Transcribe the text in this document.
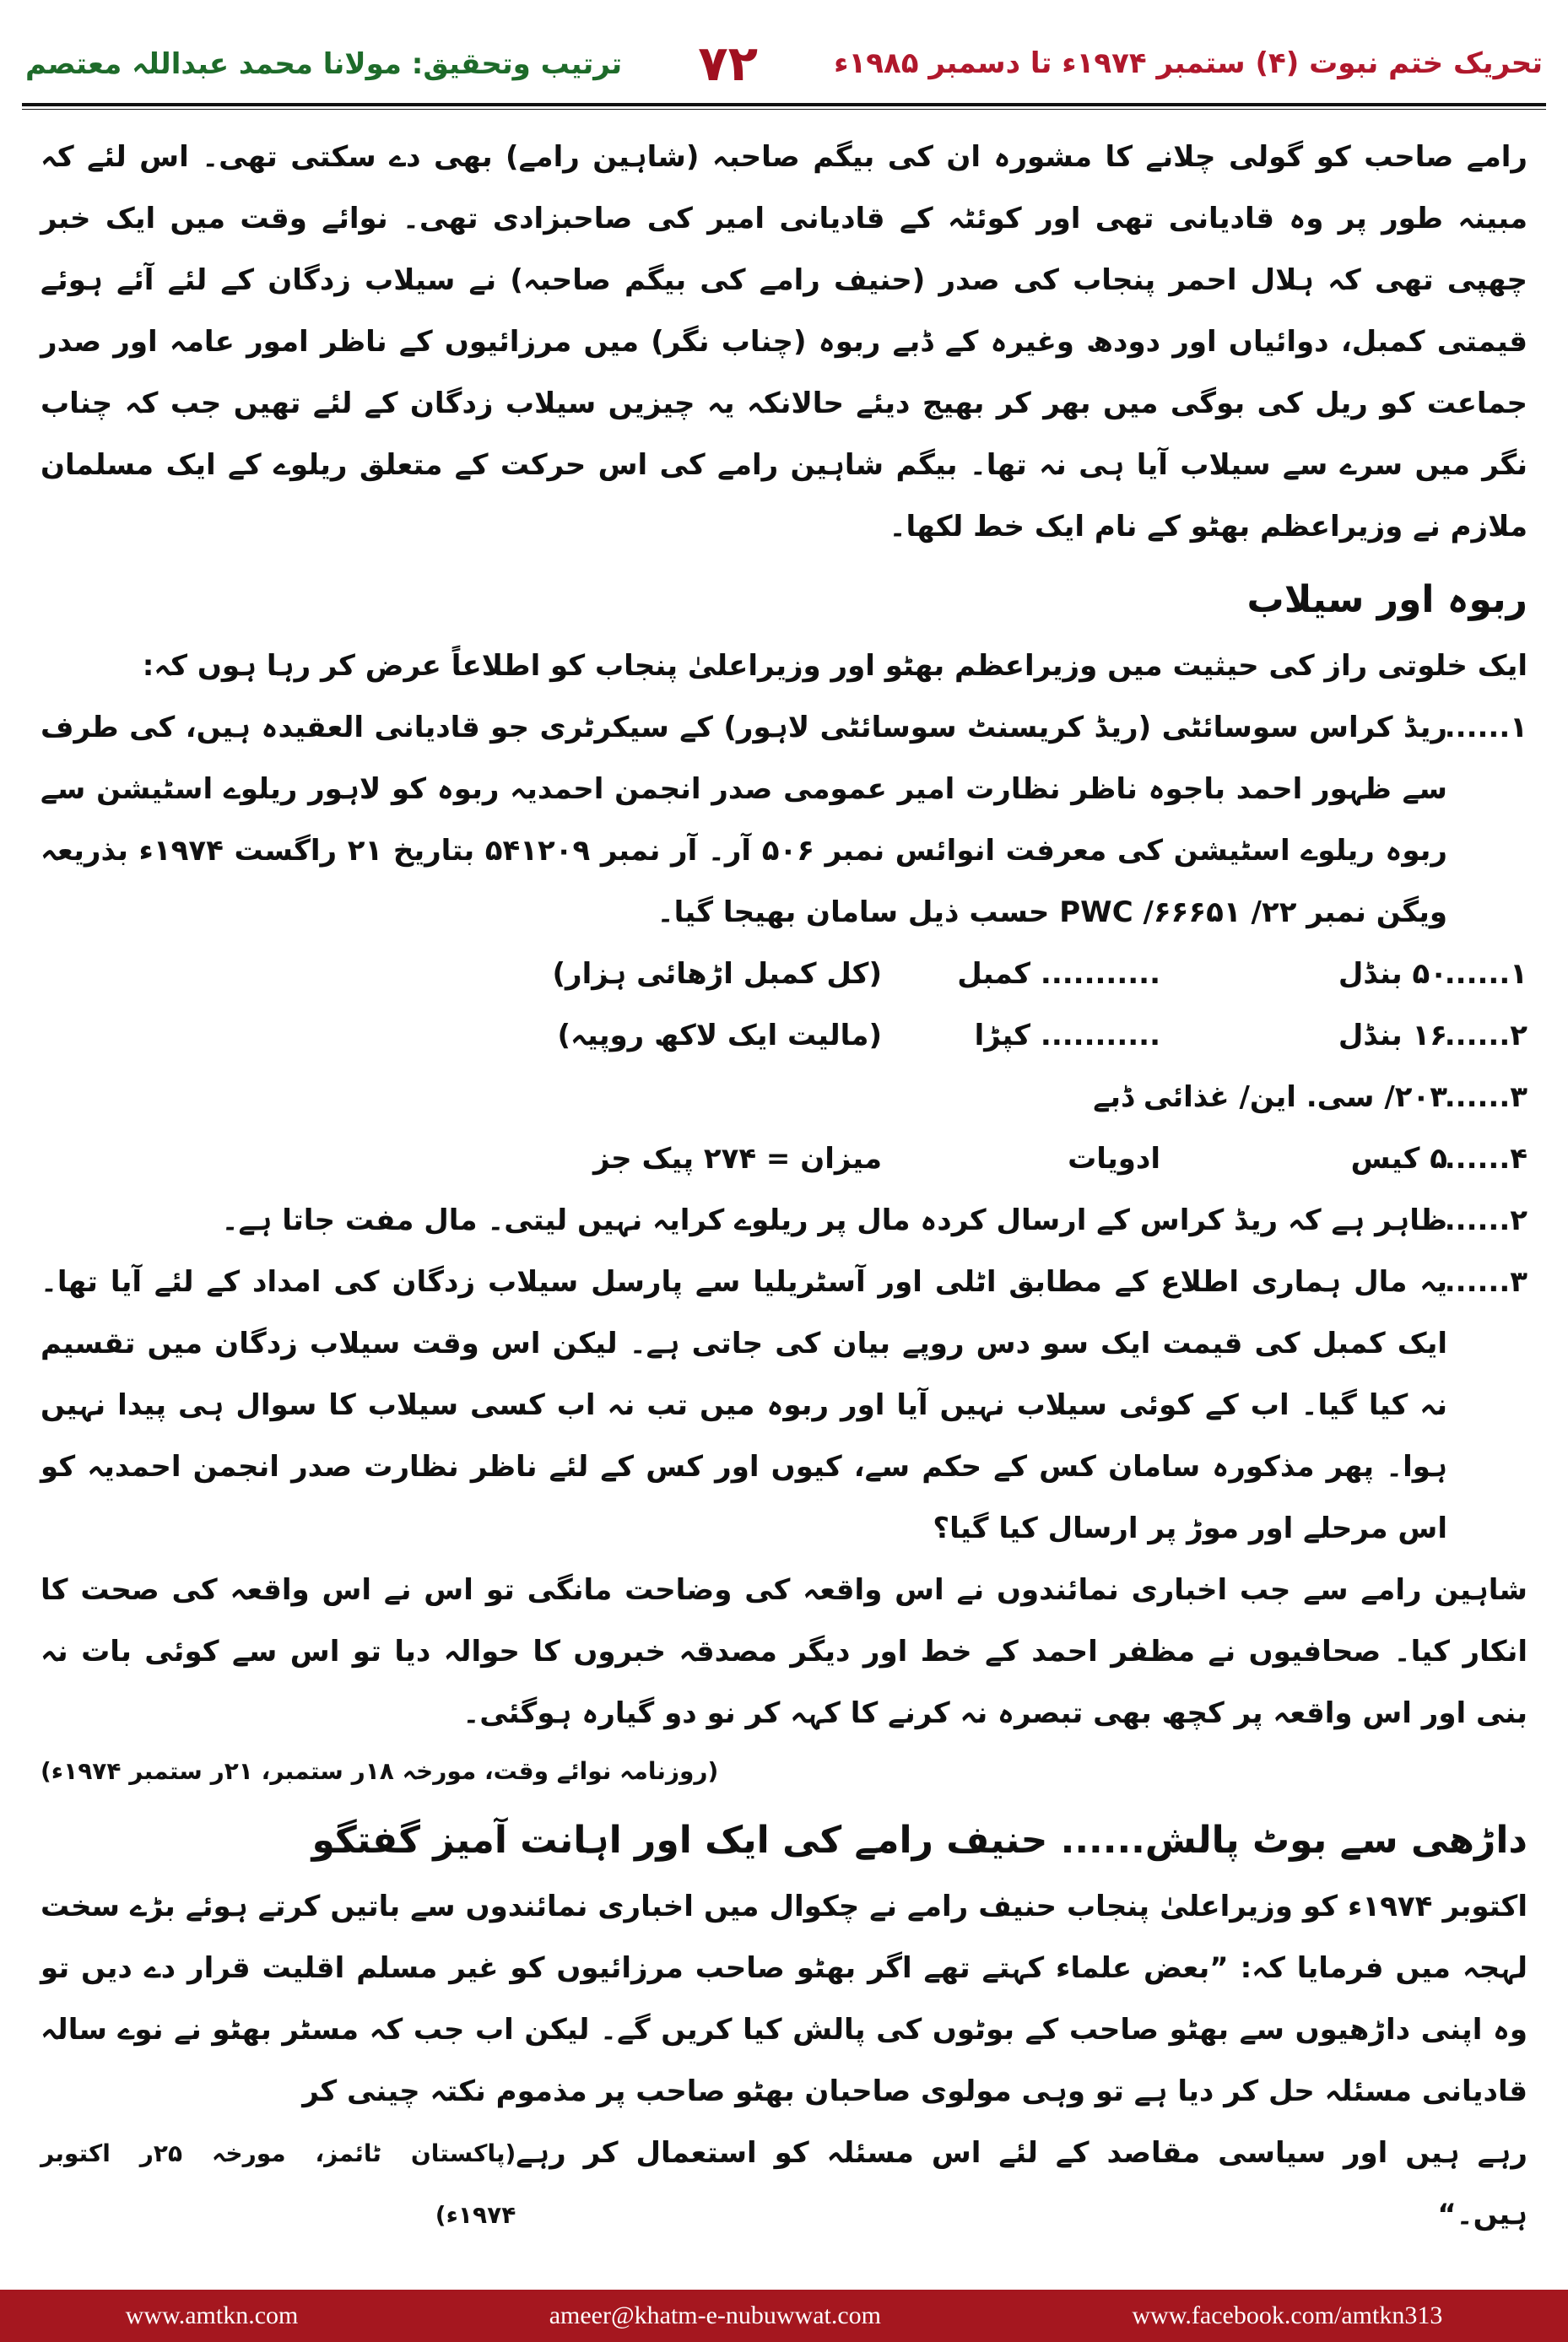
تحریک ختم نبوت (۴) ستمبر ۱۹۷۴ء تا دسمبر ۱۹۸۵ء
۷۲
ترتیب وتحقیق: مولانا محمد عبداللہ معتصم

رامے صاحب کو گولی چلانے کا مشورہ ان کی بیگم صاحبہ (شاہین رامے) بھی دے سکتی تھی۔ اس لئے کہ مبینہ طور پر وہ قادیانی تھی اور کوئٹہ کے قادیانی امیر کی صاحبزادی تھی۔ نوائے وقت میں ایک خبر چھپی تھی کہ ہلال احمر پنجاب کی صدر (حنیف رامے کی بیگم صاحبہ) نے سیلاب زدگان کے لئے آئے ہوئے قیمتی کمبل، دوائیاں اور دودھ وغیرہ کے ڈبے ربوہ (چناب نگر) میں مرزائیوں کے ناظر امور عامہ اور صدر جماعت کو ریل کی بوگی میں بھر کر بھیج دیئے حالانکہ یہ چیزیں سیلاب زدگان کے لئے تھیں جب کہ چناب نگر میں سرے سے سیلاب آیا ہی نہ تھا۔ بیگم شاہین رامے کی اس حرکت کے متعلق ریلوے کے ایک مسلمان ملازم نے وزیراعظم بھٹو کے نام ایک خط لکھا۔

ربوہ اور سیلاب

ایک خلوتی راز کی حیثیت میں وزیراعظم بھٹو اور وزیراعلیٰ پنجاب کو اطلاعاً عرض کر رہا ہوں کہ:

۱......
ریڈ کراس سوسائٹی (ریڈ کریسنٹ سوسائٹی لاہور) کے سیکرٹری جو قادیانی العقیدہ ہیں، کی طرف سے ظہور احمد باجوہ ناظر نظارت امیر عمومی صدر انجمن احمدیہ ربوہ کو لاہور ریلوے اسٹیشن سے ربوہ ریلوے اسٹیشن کی معرفت انوائس نمبر ۵۰۶ آر۔ آر نمبر ۵۴۱۲۰۹ بتاریخ ۲۱ راگست ۱۹۷۴ء بذریعہ ویگن نمبر ۲۲/ ۶۶۶۵۱/ PWC حسب ذیل سامان بھیجا گیا۔
۱......
۵۰ بنڈل
........... کمبل
(کل کمبل اڑھائی ہزار)
۲......
۱۶ بنڈل
........... کپڑا
(مالیت ایک لاکھ روپیہ)
۳......
۲۰۳/ سی. این/ غذائی ڈبے
۴......
۵ کیس
ادویات
میزان = ۲۷۴ پیک جز
۲......
ظاہر ہے کہ ریڈ کراس کے ارسال کردہ مال پر ریلوے کرایہ نہیں لیتی۔ مال مفت جاتا ہے۔
۳......
یہ مال ہماری اطلاع کے مطابق اٹلی اور آسٹریلیا سے پارسل سیلاب زدگان کی امداد کے لئے آیا تھا۔ ایک کمبل کی قیمت ایک سو دس روپے بیان کی جاتی ہے۔ لیکن اس وقت سیلاب زدگان میں تقسیم نہ کیا گیا۔ اب کے کوئی سیلاب نہیں آیا اور ربوہ میں تب نہ اب کسی سیلاب کا سوال ہی پیدا نہیں ہوا۔ پھر مذکورہ سامان کس کے حکم سے، کیوں اور کس کے لئے ناظر نظارت صدر انجمن احمدیہ کو اس مرحلے اور موڑ پر ارسال کیا گیا؟

شاہین رامے سے جب اخباری نمائندوں نے اس واقعہ کی وضاحت مانگی تو اس نے اس واقعہ کی صحت کا انکار کیا۔ صحافیوں نے مظفر احمد کے خط اور دیگر مصدقہ خبروں کا حوالہ دیا تو اس سے کوئی بات نہ بنی اور اس واقعہ پر کچھ بھی تبصرہ نہ کرنے کا کہہ کر نو دو گیارہ ہوگئی۔

(روزنامہ نوائے وقت، مورخہ ۱۸ر ستمبر، ۲۱ر ستمبر ۱۹۷۴ء)

داڑھی سے بوٹ پالش...... حنیف رامے کی ایک اور اہانت آمیز گفتگو

اکتوبر ۱۹۷۴ء کو وزیراعلیٰ پنجاب حنیف رامے نے چکوال میں اخباری نمائندوں سے باتیں کرتے ہوئے بڑے سخت لہجہ میں فرمایا کہ: ”بعض علماء کہتے تھے اگر بھٹو صاحب مرزائیوں کو غیر مسلم اقلیت قرار دے دیں تو وہ اپنی داڑھیوں سے بھٹو صاحب کے بوٹوں کی پالش کیا کریں گے۔ لیکن اب جب کہ مسٹر بھٹو نے نوے سالہ قادیانی مسئلہ حل کر دیا ہے تو وہی مولوی صاحبان بھٹو صاحب پر مذموم نکتہ چینی کر

رہے ہیں اور سیاسی مقاصد کے لئے اس مسئلہ کو استعمال کر رہے ہیں۔“
(پاکستان ٹائمز، مورخہ ۲۵ر اکتوبر ۱۹۷۴ء)
www.amtkn.com	ameer@khatm-e-nubuwwat.com	www.facebook.com/amtkn313
